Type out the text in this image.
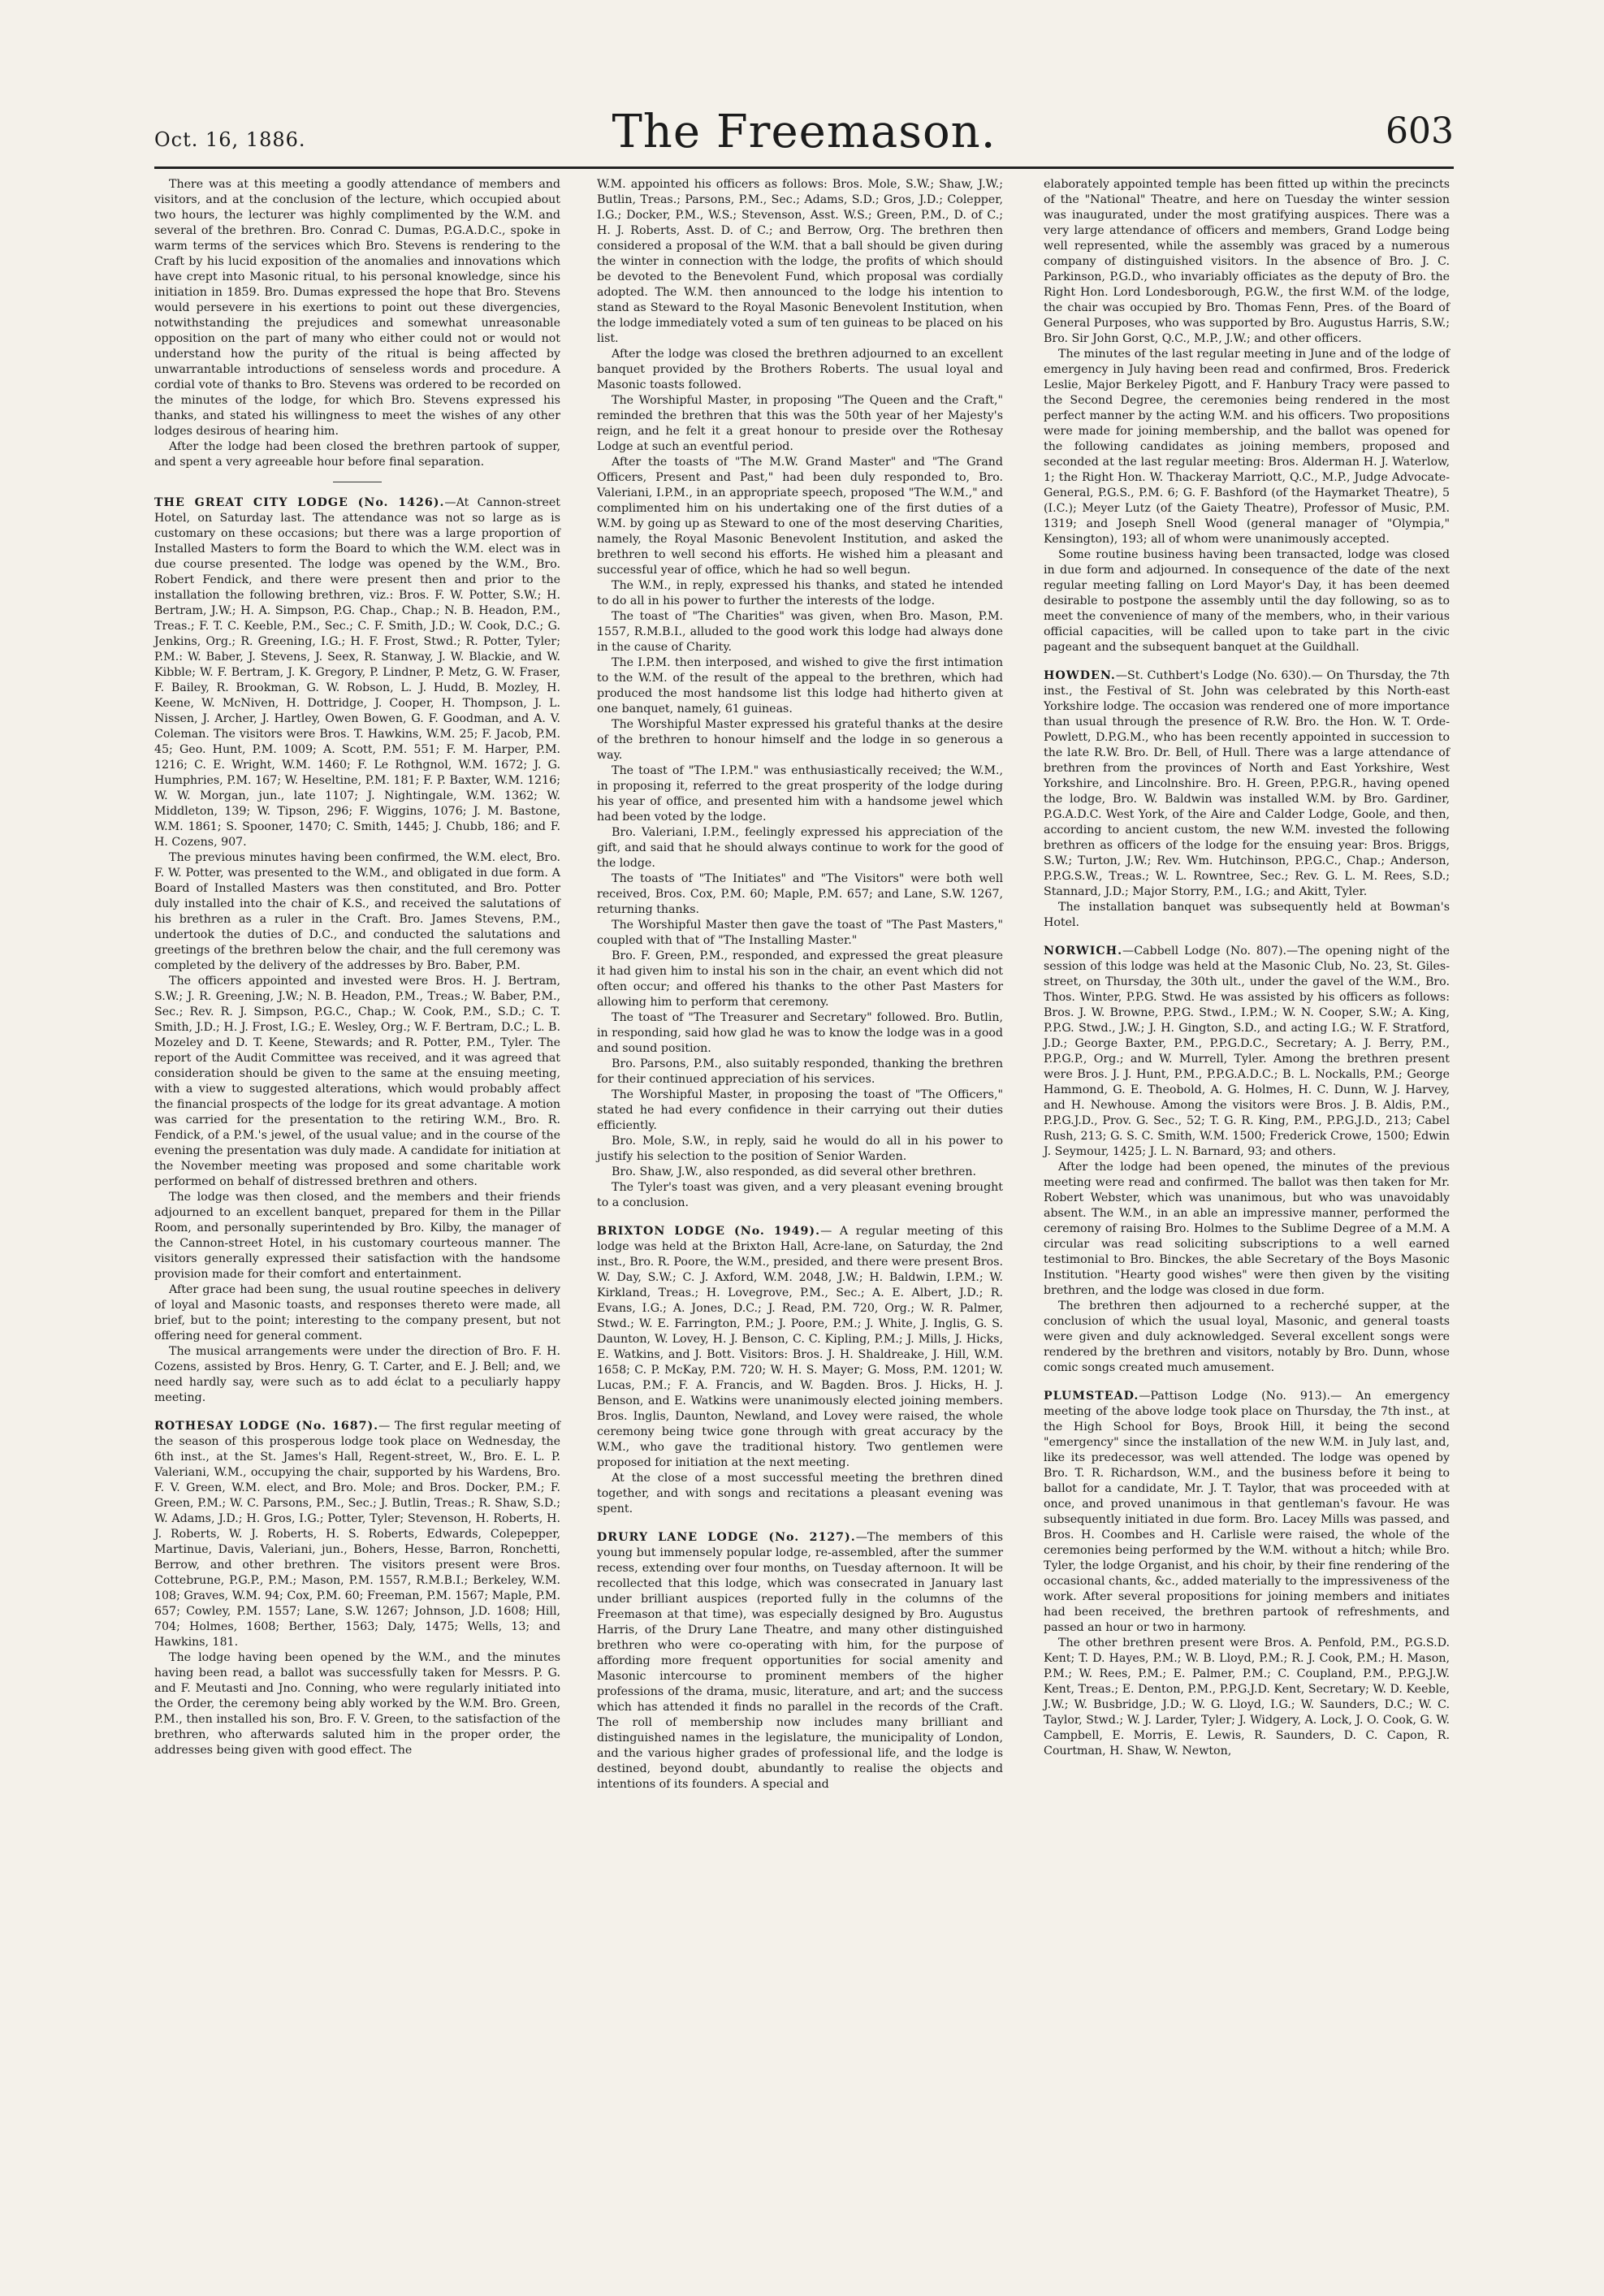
Oct. 16, 1886.	The Freemason.	603

There was at this meeting a goodly attendance of members and visitors, and at the conclusion of the lecture, which occupied about two hours, the lecturer was highly complimented by the W.M. and several of the brethren. Bro. Conrad C. Dumas, P.G.A.D.C., spoke in warm terms of the services which Bro. Stevens is rendering to the Craft by his lucid exposition of the anomalies and innovations which have crept into Masonic ritual, to his personal knowledge, since his initiation in 1859. Bro. Dumas expressed the hope that Bro. Stevens would persevere in his exertions to point out these divergencies, notwithstanding the prejudices and somewhat unreasonable opposition on the part of many who either could not or would not understand how the purity of the ritual is being affected by unwarrantable introductions of senseless words and procedure. A cordial vote of thanks to Bro. Stevens was ordered to be recorded on the minutes of the lodge, for which Bro. Stevens expressed his thanks, and stated his willingness to meet the wishes of any other lodges desirous of hearing him.

After the lodge had been closed the brethren partook of supper, and spent a very agreeable hour before final separation.

THE GREAT CITY LODGE (No. 1426).—At Cannon-street Hotel, on Saturday last. The attendance was not so large as is customary on these occasions; but there was a large proportion of Installed Masters to form the Board to which the W.M. elect was in due course presented. The lodge was opened by the W.M., Bro. Robert Fendick, and there were present then and prior to the installation the following brethren, viz.: Bros. F. W. Potter, S.W.; H. Bertram, J.W.; H. A. Simpson, P.G. Chap., Chap.; N. B. Headon, P.M., Treas.; F. T. C. Keeble, P.M., Sec.; C. F. Smith, J.D.; W. Cook, D.C.; G. Jenkins, Org.; R. Greening, I.G.; H. F. Frost, Stwd.; R. Potter, Tyler; P.M.: W. Baber, J. Stevens, J. Seex, R. Stanway, J. W. Blackie, and W. Kibble; W. F. Bertram, J. K. Gregory, P. Lindner, P. Metz, G. W. Fraser, F. Bailey, R. Brookman, G. W. Robson, L. J. Hudd, B. Mozley, H. Keene, W. McNiven, H. Dottridge, J. Cooper, H. Thompson, J. L. Nissen, J. Archer, J. Hartley, Owen Bowen, G. F. Goodman, and A. V. Coleman. The visitors were Bros. T. Hawkins, W.M. 25; F. Jacob, P.M. 45; Geo. Hunt, P.M. 1009; A. Scott, P.M. 551; F. M. Harper, P.M. 1216; C. E. Wright, W.M. 1460; F. Le Rothgnol, W.M. 1672; J. G. Humphries, P.M. 167; W. Heseltine, P.M. 181; F. P. Baxter, W.M. 1216; W. W. Morgan, jun., late 1107; J. Nightingale, W.M. 1362; W. Middleton, 139; W. Tipson, 296; F. Wiggins, 1076; J. M. Bastone, W.M. 1861; S. Spooner, 1470; C. Smith, 1445; J. Chubb, 186; and F. H. Cozens, 907.

The previous minutes having been confirmed, the W.M. elect, Bro. F. W. Potter, was presented to the W.M., and obligated in due form. A Board of Installed Masters was then constituted, and Bro. Potter duly installed into the chair of K.S., and received the salutations of his brethren as a ruler in the Craft. Bro. James Stevens, P.M., undertook the duties of D.C., and conducted the salutations and greetings of the brethren below the chair, and the full ceremony was completed by the delivery of the addresses by Bro. Baber, P.M.

The officers appointed and invested were Bros. H. J. Bertram, S.W.; J. R. Greening, J.W.; N. B. Headon, P.M., Treas.; W. Baber, P.M., Sec.; Rev. R. J. Simpson, P.G.C., Chap.; W. Cook, P.M., S.D.; C. T. Smith, J.D.; H. J. Frost, I.G.; E. Wesley, Org.; W. F. Bertram, D.C.; L. B. Mozeley and D. T. Keene, Stewards; and R. Potter, P.M., Tyler. The report of the Audit Committee was received, and it was agreed that consideration should be given to the same at the ensuing meeting, with a view to suggested alterations, which would probably affect the financial prospects of the lodge for its great advantage. A motion was carried for the presentation to the retiring W.M., Bro. R. Fendick, of a P.M.'s jewel, of the usual value; and in the course of the evening the presentation was duly made. A candidate for initiation at the November meeting was proposed and some charitable work performed on behalf of distressed brethren and others.

The lodge was then closed, and the members and their friends adjourned to an excellent banquet, prepared for them in the Pillar Room, and personally superintended by Bro. Kilby, the manager of the Cannon-street Hotel, in his customary courteous manner. The visitors generally expressed their satisfaction with the handsome provision made for their comfort and entertainment.

After grace had been sung, the usual routine speeches in delivery of loyal and Masonic toasts, and responses thereto were made, all brief, but to the point; interesting to the company present, but not offering need for general comment.

The musical arrangements were under the direction of Bro. F. H. Cozens, assisted by Bros. Henry, G. T. Carter, and E. J. Bell; and, we need hardly say, were such as to add éclat to a peculiarly happy meeting.

ROTHESAY LODGE (No. 1687).— The first regular meeting of the season of this prosperous lodge took place on Wednesday, the 6th inst., at the St. James's Hall, Regent-street, W., Bro. E. L. P. Valeriani, W.M., occupying the chair, supported by his Wardens, Bro. F. V. Green, W.M. elect, and Bro. Mole; and Bros. Docker, P.M.; F. Green, P.M.; W. C. Parsons, P.M., Sec.; J. Butlin, Treas.; R. Shaw, S.D.; W. Adams, J.D.; H. Gros, I.G.; Potter, Tyler; Stevenson, H. Roberts, H. J. Roberts, W. J. Roberts, H. S. Roberts, Edwards, Colepepper, Martinue, Davis, Valeriani, jun., Bohers, Hesse, Barron, Ronchetti, Berrow, and other brethren. The visitors present were Bros. Cottebrune, P.G.P., P.M.; Mason, P.M. 1557, R.M.B.I.; Berkeley, W.M. 108; Graves, W.M. 94; Cox, P.M. 60; Freeman, P.M. 1567; Maple, P.M. 657; Cowley, P.M. 1557; Lane, S.W. 1267; Johnson, J.D. 1608; Hill, 704; Holmes, 1608; Berther, 1563; Daly, 1475; Wells, 13; and Hawkins, 181.

The lodge having been opened by the W.M., and the minutes having been read, a ballot was successfully taken for Messrs. P. G. and F. Meutasti and Jno. Conning, who were regularly initiated into the Order, the ceremony being ably worked by the W.M. Bro. Green, P.M., then installed his son, Bro. F. V. Green, to the satisfaction of the brethren, who afterwards saluted him in the proper order, the addresses being given with good effect. The

W.M. appointed his officers as follows: Bros. Mole, S.W.; Shaw, J.W.; Butlin, Treas.; Parsons, P.M., Sec.; Adams, S.D.; Gros, J.D.; Colepper, I.G.; Docker, P.M., W.S.; Stevenson, Asst. W.S.; Green, P.M., D. of C.; H. J. Roberts, Asst. D. of C.; and Berrow, Org. The brethren then considered a proposal of the W.M. that a ball should be given during the winter in connection with the lodge, the profits of which should be devoted to the Benevolent Fund, which proposal was cordially adopted. The W.M. then announced to the lodge his intention to stand as Steward to the Royal Masonic Benevolent Institution, when the lodge immediately voted a sum of ten guineas to be placed on his list.

After the lodge was closed the brethren adjourned to an excellent banquet provided by the Brothers Roberts. The usual loyal and Masonic toasts followed.

The Worshipful Master, in proposing "The Queen and the Craft," reminded the brethren that this was the 50th year of her Majesty's reign, and he felt it a great honour to preside over the Rothesay Lodge at such an eventful period.

After the toasts of "The M.W. Grand Master" and "The Grand Officers, Present and Past," had been duly responded to, Bro. Valeriani, I.P.M., in an appropriate speech, proposed "The W.M.," and complimented him on his undertaking one of the first duties of a W.M. by going up as Steward to one of the most deserving Charities, namely, the Royal Masonic Benevolent Institution, and asked the brethren to well second his efforts. He wished him a pleasant and successful year of office, which he had so well begun.

The W.M., in reply, expressed his thanks, and stated he intended to do all in his power to further the interests of the lodge.

The toast of "The Charities" was given, when Bro. Mason, P.M. 1557, R.M.B.I., alluded to the good work this lodge had always done in the cause of Charity.

The I.P.M. then interposed, and wished to give the first intimation to the W.M. of the result of the appeal to the brethren, which had produced the most handsome list this lodge had hitherto given at one banquet, namely, 61 guineas.

The Worshipful Master expressed his grateful thanks at the desire of the brethren to honour himself and the lodge in so generous a way.

The toast of "The I.P.M." was enthusiastically received; the W.M., in proposing it, referred to the great prosperity of the lodge during his year of office, and presented him with a handsome jewel which had been voted by the lodge.

Bro. Valeriani, I.P.M., feelingly expressed his appreciation of the gift, and said that he should always continue to work for the good of the lodge.

The toasts of "The Initiates" and "The Visitors" were both well received, Bros. Cox, P.M. 60; Maple, P.M. 657; and Lane, S.W. 1267, returning thanks.

The Worshipful Master then gave the toast of "The Past Masters," coupled with that of "The Installing Master."

Bro. F. Green, P.M., responded, and expressed the great pleasure it had given him to instal his son in the chair, an event which did not often occur; and offered his thanks to the other Past Masters for allowing him to perform that ceremony.

The toast of "The Treasurer and Secretary" followed. Bro. Butlin, in responding, said how glad he was to know the lodge was in a good and sound position.

Bro. Parsons, P.M., also suitably responded, thanking the brethren for their continued appreciation of his services.

The Worshipful Master, in proposing the toast of "The Officers," stated he had every confidence in their carrying out their duties efficiently.

Bro. Mole, S.W., in reply, said he would do all in his power to justify his selection to the position of Senior Warden.

Bro. Shaw, J.W., also responded, as did several other brethren.

The Tyler's toast was given, and a very pleasant evening brought to a conclusion.

BRIXTON LODGE (No. 1949).— A regular meeting of this lodge was held at the Brixton Hall, Acre-lane, on Saturday, the 2nd inst., Bro. R. Poore, the W.M., presided, and there were present Bros. W. Day, S.W.; C. J. Axford, W.M. 2048, J.W.; H. Baldwin, I.P.M.; W. Kirkland, Treas.; H. Lovegrove, P.M., Sec.; A. E. Albert, J.D.; R. Evans, I.G.; A. Jones, D.C.; J. Read, P.M. 720, Org.; W. R. Palmer, Stwd.; W. E. Farrington, P.M.; J. Poore, P.M.; J. White, J. Inglis, G. S. Daunton, W. Lovey, H. J. Benson, C. C. Kipling, P.M.; J. Mills, J. Hicks, E. Watkins, and J. Bott. Visitors: Bros. J. H. Shaldreake, J. Hill, W.M. 1658; C. P. McKay, P.M. 720; W. H. S. Mayer; G. Moss, P.M. 1201; W. Lucas, P.M.; F. A. Francis, and W. Bagden. Bros. J. Hicks, H. J. Benson, and E. Watkins were unanimously elected joining members. Bros. Inglis, Daunton, Newland, and Lovey were raised, the whole ceremony being twice gone through with great accuracy by the W.M., who gave the traditional history. Two gentlemen were proposed for initiation at the next meeting.

At the close of a most successful meeting the brethren dined together, and with songs and recitations a pleasant evening was spent.

DRURY LANE LODGE (No. 2127).—The members of this young but immensely popular lodge, re-assembled, after the summer recess, extending over four months, on Tuesday afternoon. It will be recollected that this lodge, which was consecrated in January last under brilliant auspices (reported fully in the columns of the Freemason at that time), was especially designed by Bro. Augustus Harris, of the Drury Lane Theatre, and many other distinguished brethren who were co-operating with him, for the purpose of affording more frequent opportunities for social amenity and Masonic intercourse to prominent members of the higher professions of the drama, music, literature, and art; and the success which has attended it finds no parallel in the records of the Craft. The roll of membership now includes many brilliant and distinguished names in the legislature, the municipality of London, and the various higher grades of professional life, and the lodge is destined, beyond doubt, abundantly to realise the objects and intentions of its founders. A special and

elaborately appointed temple has been fitted up within the precincts of the "National" Theatre, and here on Tuesday the winter session was inaugurated, under the most gratifying auspices. There was a very large attendance of officers and members, Grand Lodge being well represented, while the assembly was graced by a numerous company of distinguished visitors. In the absence of Bro. J. C. Parkinson, P.G.D., who invariably officiates as the deputy of Bro. the Right Hon. Lord Londesborough, P.G.W., the first W.M. of the lodge, the chair was occupied by Bro. Thomas Fenn, Pres. of the Board of General Purposes, who was supported by Bro. Augustus Harris, S.W.; Bro. Sir John Gorst, Q.C., M.P., J.W.; and other officers.

The minutes of the last regular meeting in June and of the lodge of emergency in July having been read and confirmed, Bros. Frederick Leslie, Major Berkeley Pigott, and F. Hanbury Tracy were passed to the Second Degree, the ceremonies being rendered in the most perfect manner by the acting W.M. and his officers. Two propositions were made for joining membership, and the ballot was opened for the following candidates as joining members, proposed and seconded at the last regular meeting: Bros. Alderman H. J. Waterlow, 1; the Right Hon. W. Thackeray Marriott, Q.C., M.P., Judge Advocate-General, P.G.S., P.M. 6; G. F. Bashford (of the Haymarket Theatre), 5 (I.C.); Meyer Lutz (of the Gaiety Theatre), Professor of Music, P.M. 1319; and Joseph Snell Wood (general manager of "Olympia," Kensington), 193; all of whom were unanimously accepted.

Some routine business having been transacted, lodge was closed in due form and adjourned. In consequence of the date of the next regular meeting falling on Lord Mayor's Day, it has been deemed desirable to postpone the assembly until the day following, so as to meet the convenience of many of the members, who, in their various official capacities, will be called upon to take part in the civic pageant and the subsequent banquet at the Guildhall.

HOWDEN.—St. Cuthbert's Lodge (No. 630).— On Thursday, the 7th inst., the Festival of St. John was celebrated by this North-east Yorkshire lodge. The occasion was rendered one of more importance than usual through the presence of R.W. Bro. the Hon. W. T. Orde-Powlett, D.P.G.M., who has been recently appointed in succession to the late R.W. Bro. Dr. Bell, of Hull. There was a large attendance of brethren from the provinces of North and East Yorkshire, West Yorkshire, and Lincolnshire. Bro. H. Green, P.P.G.R., having opened the lodge, Bro. W. Baldwin was installed W.M. by Bro. Gardiner, P.G.A.D.C. West York, of the Aire and Calder Lodge, Goole, and then, according to ancient custom, the new W.M. invested the following brethren as officers of the lodge for the ensuing year: Bros. Briggs, S.W.; Turton, J.W.; Rev. Wm. Hutchinson, P.P.G.C., Chap.; Anderson, P.P.G.S.W., Treas.; W. L. Rowntree, Sec.; Rev. G. L. M. Rees, S.D.; Stannard, J.D.; Major Storry, P.M., I.G.; and Akitt, Tyler.

The installation banquet was subsequently held at Bowman's Hotel.

NORWICH.—Cabbell Lodge (No. 807).—The opening night of the session of this lodge was held at the Masonic Club, No. 23, St. Giles-street, on Thursday, the 30th ult., under the gavel of the W.M., Bro. Thos. Winter, P.P.G. Stwd. He was assisted by his officers as follows: Bros. J. W. Browne, P.P.G. Stwd., I.P.M.; W. N. Cooper, S.W.; A. King, P.P.G. Stwd., J.W.; J. H. Gington, S.D., and acting I.G.; W. F. Stratford, J.D.; George Baxter, P.M., P.P.G.D.C., Secretary; A. J. Berry, P.M., P.P.G.P., Org.; and W. Murrell, Tyler. Among the brethren present were Bros. J. J. Hunt, P.M., P.P.G.A.D.C.; B. L. Nockalls, P.M.; George Hammond, G. E. Theobold, A. G. Holmes, H. C. Dunn, W. J. Harvey, and H. Newhouse. Among the visitors were Bros. J. B. Aldis, P.M., P.P.G.J.D., Prov. G. Sec., 52; T. G. R. King, P.M., P.P.G.J.D., 213; Cabel Rush, 213; G. S. C. Smith, W.M. 1500; Frederick Crowe, 1500; Edwin J. Seymour, 1425; J. L. N. Barnard, 93; and others.

After the lodge had been opened, the minutes of the previous meeting were read and confirmed. The ballot was then taken for Mr. Robert Webster, which was unanimous, but who was unavoidably absent. The W.M., in an able an impressive manner, performed the ceremony of raising Bro. Holmes to the Sublime Degree of a M.M. A circular was read soliciting subscriptions to a well earned testimonial to Bro. Binckes, the able Secretary of the Boys Masonic Institution. "Hearty good wishes" were then given by the visiting brethren, and the lodge was closed in due form.

The brethren then adjourned to a recherché supper, at the conclusion of which the usual loyal, Masonic, and general toasts were given and duly acknowledged. Several excellent songs were rendered by the brethren and visitors, notably by Bro. Dunn, whose comic songs created much amusement.

PLUMSTEAD.—Pattison Lodge (No. 913).— An emergency meeting of the above lodge took place on Thursday, the 7th inst., at the High School for Boys, Brook Hill, it being the second "emergency" since the installation of the new W.M. in July last, and, like its predecessor, was well attended. The lodge was opened by Bro. T. R. Richardson, W.M., and the business before it being to ballot for a candidate, Mr. J. T. Taylor, that was proceeded with at once, and proved unanimous in that gentleman's favour. He was subsequently initiated in due form. Bro. Lacey Mills was passed, and Bros. H. Coombes and H. Carlisle were raised, the whole of the ceremonies being performed by the W.M. without a hitch; while Bro. Tyler, the lodge Organist, and his choir, by their fine rendering of the occasional chants, &c., added materially to the impressiveness of the work. After several propositions for joining members and initiates had been received, the brethren partook of refreshments, and passed an hour or two in harmony.

The other brethren present were Bros. A. Penfold, P.M., P.G.S.D. Kent; T. D. Hayes, P.M.; W. B. Lloyd, P.M.; R. J. Cook, P.M.; H. Mason, P.M.; W. Rees, P.M.; E. Palmer, P.M.; C. Coupland, P.M., P.P.G.J.W. Kent, Treas.; E. Denton, P.M., P.P.G.J.D. Kent, Secretary; W. D. Keeble, J.W.; W. Busbridge, J.D.; W. G. Lloyd, I.G.; W. Saunders, D.C.; W. C. Taylor, Stwd.; W. J. Larder, Tyler; J. Widgery, A. Lock, J. O. Cook, G. W. Campbell, E. Morris, E. Lewis, R. Saunders, D. C. Capon, R. Courtman, H. Shaw, W. Newton,
